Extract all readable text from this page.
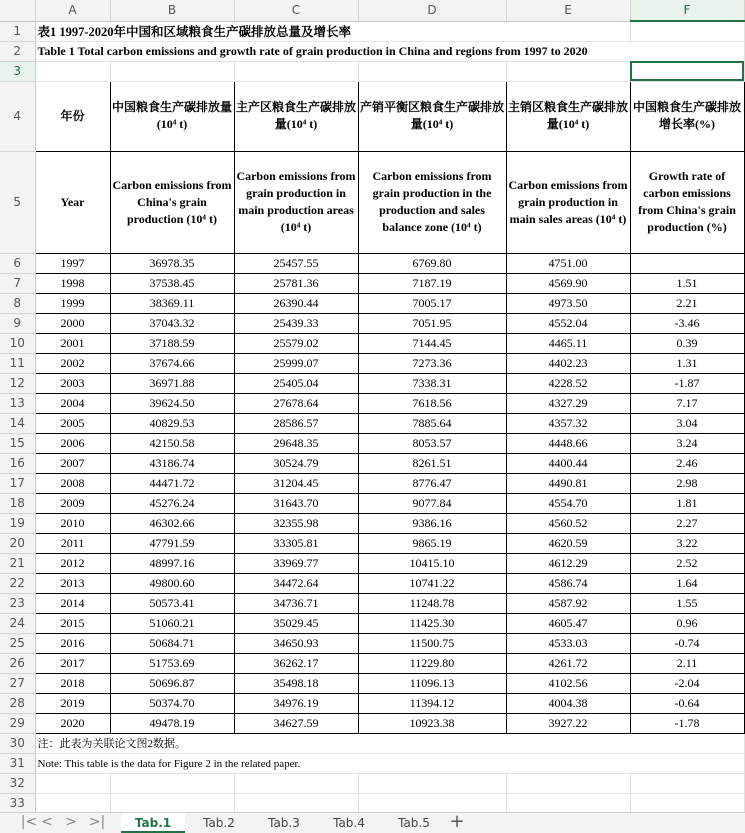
	A	B	C	D	E	F
1	表1 1997-2020年中国和区域粮食生产碳排放总量及增长率					
2	Table 1 Total carbon emissions and growth rate of grain production in China and regions from 1997 to 2020					
3						
4	年份	中国粮食生产碳排放量(10⁴ t)	主产区粮食生产碳排放量(10⁴ t)	产销平衡区粮食生产碳排放量(10⁴ t)	主销区粮食生产碳排放量(10⁴ t)	中国粮食生产碳排放增长率(%)
5	Year	Carbon emissions from China's grain production (10⁴ t)	Carbon emissions from grain production in main production areas (10⁴ t)	Carbon emissions from grain production in the production and sales balance zone (10⁴ t)	Carbon emissions from grain production in main sales areas (10⁴ t)	Growth rate of carbon emissions from China's grain production (%)
6	1997	36978.35	25457.55	6769.80	4751.00	
7	1998	37538.45	25781.36	7187.19	4569.90	1.51
8	1999	38369.11	26390.44	7005.17	4973.50	2.21
9	2000	37043.32	25439.33	7051.95	4552.04	-3.46
10	2001	37188.59	25579.02	7144.45	4465.11	0.39
11	2002	37674.66	25999.07	7273.36	4402.23	1.31
12	2003	36971.88	25405.04	7338.31	4228.52	-1.87
13	2004	39624.50	27678.64	7618.56	4327.29	7.17
14	2005	40829.53	28586.57	7885.64	4357.32	3.04
15	2006	42150.58	29648.35	8053.57	4448.66	3.24
16	2007	43186.74	30524.79	8261.51	4400.44	2.46
17	2008	44471.72	31204.45	8776.47	4490.81	2.98
18	2009	45276.24	31643.70	9077.84	4554.70	1.81
19	2010	46302.66	32355.98	9386.16	4560.52	2.27
20	2011	47791.59	33305.81	9865.19	4620.59	3.22
21	2012	48997.16	33969.77	10415.10	4612.29	2.52
22	2013	49800.60	34472.64	10741.22	4586.74	1.64
23	2014	50573.41	34736.71	11248.78	4587.92	1.55
24	2015	51060.21	35029.45	11425.30	4605.47	0.96
25	2016	50684.71	34650.93	11500.75	4533.03	-0.74
26	2017	51753.69	36262.17	11229.80	4261.72	2.11
27	2018	50696.87	35498.18	11096.13	4102.56	-2.04
28	2019	50374.70	34976.19	11394.12	4004.38	-0.64
29	2020	49478.19	34627.59	10923.38	3927.22	-1.78
30	注：此表为关联论文图2数据。					
31	Note: This table is the data for Figure 2 in the related paper.					
32						
33						
|< < > >|	Tab.1	Tab.2	Tab.3	Tab.4	Tab.5	+
